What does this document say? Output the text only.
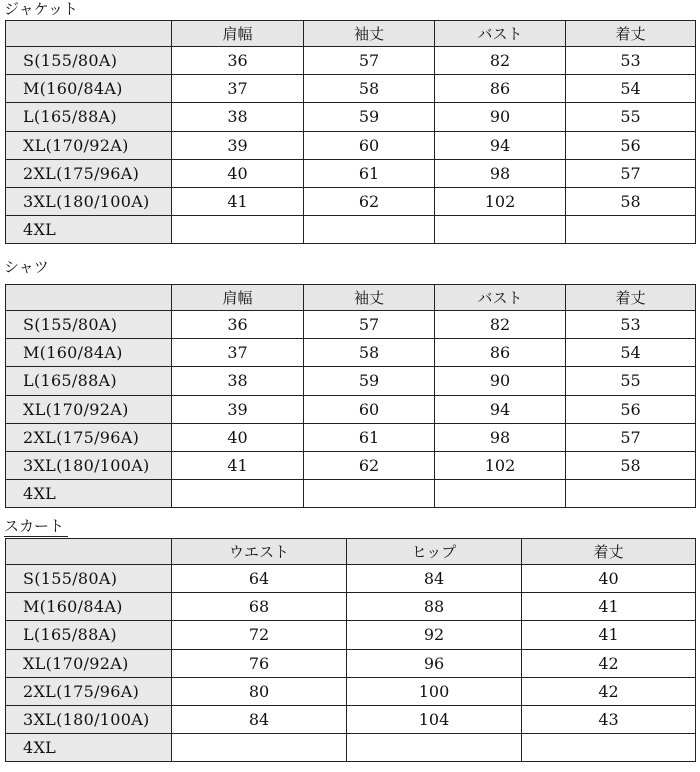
ジャケット
	肩幅	袖丈	バスト	着丈
S(155/80A)	36	57	82	53
M(160/84A)	37	58	86	54
L(165/88A)	38	59	90	55
XL(170/92A)	39	60	94	56
2XL(175/96A)	40	61	98	57
3XL(180/100A)	41	62	102	58
4XL				
シャツ
	肩幅	袖丈	バスト	着丈
S(155/80A)	36	57	82	53
M(160/84A)	37	58	86	54
L(165/88A)	38	59	90	55
XL(170/92A)	39	60	94	56
2XL(175/96A)	40	61	98	57
3XL(180/100A)	41	62	102	58
4XL				
スカート
	ウエスト	ヒップ	着丈
S(155/80A)	64	84	40
M(160/84A)	68	88	41
L(165/88A)	72	92	41
XL(170/92A)	76	96	42
2XL(175/96A)	80	100	42
3XL(180/100A)	84	104	43
4XL			
